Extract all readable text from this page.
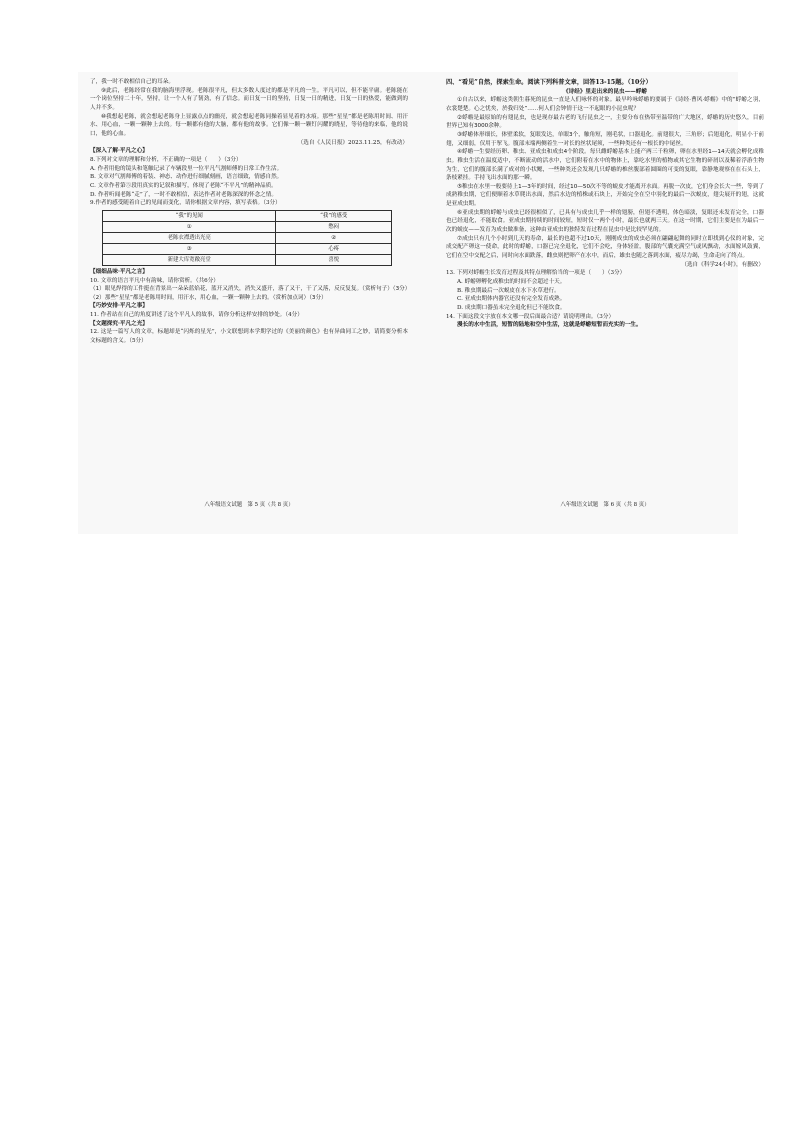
了，我一时不敢相信自己的耳朵。

⑨此后，老陈经常在我的脑海里浮现。老陈很平凡，但太多数人度过的都是平凡的一生。平凡可以，但不能平庸。老陈能在一个岗位坚持二十年，坚持，让一个人有了韧劲，有了信念。而日复一日的坚持，日复一日的精进，日复一日的热爱，能做到的人并不多。

⑩我想起老陈，就会想起老陈身上显露点点的幽亮，就会想起老陈同操着显见着的水痕。那些“星星”都是老陈用时间、用汗水、用心血，一颗一颗种上去的。每一颗都有他的大脑，都有他的故事。它们像一颗一颗钉闪耀的晓星，等待他的来临，他的说口，他的心血。

（选自《人民日报》2023.11.25，有改动）

【深入了解·平凡之心】

8.下列对文章的理解和分析，不正确的一项是（　　）（3分）

A. 作者用他的镜头和笔触记录了车辆段里一位平凡气割师傅的日常工作生活。

B. 文章对气割师傅的着装、神态、动作进行细腻刻画，语言细致，情感自然。

C. 文章作者第⑤段用真实的记叙和描写，体现了老陈“不平凡”的精神品质。

D. 作者听闻老陈“走”了，一时不敢相信，表达作者对老陈深深的怀念之情。

9.作者的感受随着自己的见闻而变化，请你根据文章内容，填写表格。（3分）

“我”的见闻	“我”的感受
①	憋闷
老陈衣襟透出光亮	②
③	心疼
新建大库宽敞亮堂	喜悦

【细细品味·平凡之言】

10. 文章的语言平凡中有韵味，请你赏析。（共6分）

（1）眼见焊得的工件挺在背景出一朵朵蓝焰花，蓝开又消失，消失又盛开，落了又干，干了又落，反反复复。（赏析句子）（3分）

（2）那些“星星”都是老陈用时间，用汗水，用心血，一颗一颗种上去的。（赏析加点词）（3分）

【巧妙安排·平凡之事】

11. 作者站在自己的角度讲述了这个平凡人的故事，请你分析这样安排的妙处。（4分）

【文题探究·平凡之光】

12. 这是一篇写人的文章，标题却是“闪烁的星光”，小文联想到本学期学过的《美丽的颜色》也有异曲同工之妙，请简要分析本文标题的含义。（5分）

八年级语文试题　第 5 页（共 8 页）

四、“看见”自然，探索生命。阅读下列科普文章，回答13-15题。（10分）

《诗经》里走出来的昆虫——蜉蝣

①自古以来，蜉蝣这类朝生暮死的昆虫一直是人们咏怀的对象。最早吟咏蜉蝣的要属于《诗经·曹风·蜉蝣》中的“蜉蝣之羽，衣裳楚楚。心之忧矣，於我归处”……何人们会钟情于这一不起眼的小昆虫呢？

②蜉蝣是最原始的有翅昆虫，也是现存最古老的飞行昆虫之一，主要分布在热带至温带的广大地区，蜉蝣的历史悠久，目前世界已知有3000余种。

③蜉蝣体形细长，体壁柔软，复眼发达，单眼3个，触角短，刚毛状，口器退化。前翅很大，三角形；后翅退化，明显小于前翅，又细弱，仅用于挈飞。腹部末端两侧着生一对长的丝状尾须，一些种类还有一根长的中尾丝。

④蜉蝣一生要经历卵、稚虫、亚成虫和成虫4个阶段。每只雌蜉蝣基本上能产两三千粒卵，卵在水里经1—14天就会孵化成稚虫。稚虫生活在温度适中，不断流动的活水中，它们附着在水中的物体上，靠吃水里的植物或其它生物的碎屑以及稀着浮游生物为生，它们的腹部长满了成对的小状鳃，一些种类还会发现几只蜉蝣的椎丝腹部着圆圈的可变的复眼，靠静地观察在在石头上，条枝紧挂。手持飞出水面的那一瞬。

⑤稚虫在水里一般要待上1—3年的时间，经过10—50次不等的蜕皮才能离开水面。再脱一次皮，它们身会长大一些，等到了成熟稚虫期，它们便顺着水草爬出水面，然后水边的植株或石块上，开始完全在空中羽化的最后一次蜕皮，翅尖展开的翅，这就是亚成虫期。

⑥亚成虫期的蜉蝣与成虫已经很相似了，已具有与成虫几乎一样的翅膀，但翅不透明，体色暗淡，复眼还未发育完全，口器也已经退化，不能取食。亚成虫期持续的时间较短，短时仅一两个小时，最长也就两三天。在这一时期，它们主要是在为最后一次的蜕皮——发育为成虫做准备，这种由亚成虫的独特发育过程在昆虫中是比较罕见的。

⑦成虫只有几个小时到几天的寿命，最长的也超不过10天，刚刚成虫的成虫必须在翩翩起舞的同时立即找到心仪的对象，完成交配产卵这一使命，此时的蜉蝣，口器已完全退化，它们不会吃，身体轻盈，腹部的气囊充满空气或风飘动，水面嫁风鼓翼，它们在空中交配之后，同时向水面跌落，雌虫则把卵产在水中，而后，雄虫也随之落到水面，疲尽力竭，生命走向了终点。

（选自《科学24小时》，有删改）

13. 下列对蜉蝣生长发育过程及其特点理解恰当的一项是（　　）（3分）

A. 蜉蝣卵孵化成稚虫的时间不会超过十天。

B. 稚虫期最后一次蜕皮在水下水草进行。

C. 亚成虫期体内器官还没有完全发育成熟。

D. 成虫期口器虽未完全退化但已不能饮食。

14. 下面这段文字放在本文哪一段后面最合适？请说明理由。（3分）

漫长的水中生活，短暂的陆地和空中生活，这就是蜉蝣短暂而充实的一生。

八年级语文试题　第 6 页（共 8 页）
